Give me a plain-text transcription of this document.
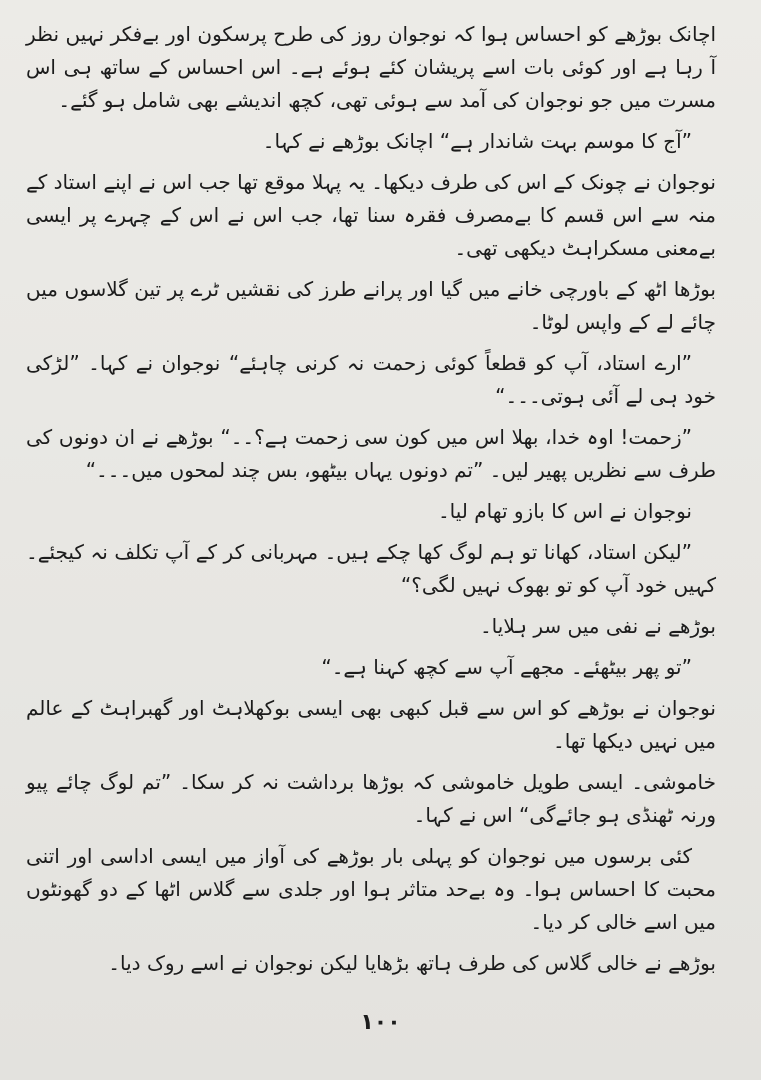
اچانک بوڑھے کو احساس ہوا کہ نوجوان روز کی طرح پرسکون اور بےفکر نہیں نظر آ رہا ہے اور کوئی بات اسے پریشان کئے ہوئے ہے۔ اس احساس کے ساتھ ہی اس مسرت میں جو نوجوان کی آمد سے ہوئی تھی، کچھ اندیشے بھی شامل ہو گئے۔

”آج کا موسم بہت شاندار ہے“ اچانک بوڑھے نے کہا۔

نوجوان نے چونک کے اس کی طرف دیکھا۔ یہ پہلا موقع تھا جب اس نے اپنے استاد کے منہ سے اس قسم کا بےمصرف فقرہ سنا تھا، جب اس نے اس کے چہرے پر ایسی بےمعنی مسکراہٹ دیکھی تھی۔

بوڑھا اٹھ کے باورچی خانے میں گیا اور پرانے طرز کی نقشیں ٹرے پر تین گلاسوں میں چائے لے کے واپس لوٹا۔

”ارے استاد، آپ کو قطعاً کوئی زحمت نہ کرنی چاہئے“ نوجوان نے کہا۔ ”لڑکی خود ہی لے آئی ہوتی۔۔۔“

”زحمت! اوہ خدا، بھلا اس میں کون سی زحمت ہے؟۔۔“ بوڑھے نے ان دونوں کی طرف سے نظریں پھیر لیں۔ ”تم دونوں یہاں بیٹھو، بس چند لمحوں میں۔۔۔“

نوجوان نے اس کا بازو تھام لیا۔

”لیکن استاد، کھانا تو ہم لوگ کھا چکے ہیں۔ مہربانی کر کے آپ تکلف نہ کیجئے۔ کہیں خود آپ کو تو بھوک نہیں لگی؟“

بوڑھے نے نفی میں سر ہلایا۔

”تو پھر بیٹھئے۔ مجھے آپ سے کچھ کہنا ہے۔“

نوجوان نے بوڑھے کو اس سے قبل کبھی بھی ایسی بوکھلاہٹ اور گھبراہٹ کے عالم میں نہیں دیکھا تھا۔

خاموشی۔ ایسی طویل خاموشی کہ بوڑھا برداشت نہ کر سکا۔ ”تم لوگ چائے پیو ورنہ ٹھنڈی ہو جائےگی“ اس نے کہا۔

کئی برسوں میں نوجوان کو پہلی بار بوڑھے کی آواز میں ایسی اداسی اور اتنی محبت کا احساس ہوا۔ وہ بےحد متاثر ہوا اور جلدی سے گلاس اٹھا کے دو گھونٹوں میں اسے خالی کر دیا۔

بوڑھے نے خالی گلاس کی طرف ہاتھ بڑھایا لیکن نوجوان نے اسے روک دیا۔

۱۰۰
